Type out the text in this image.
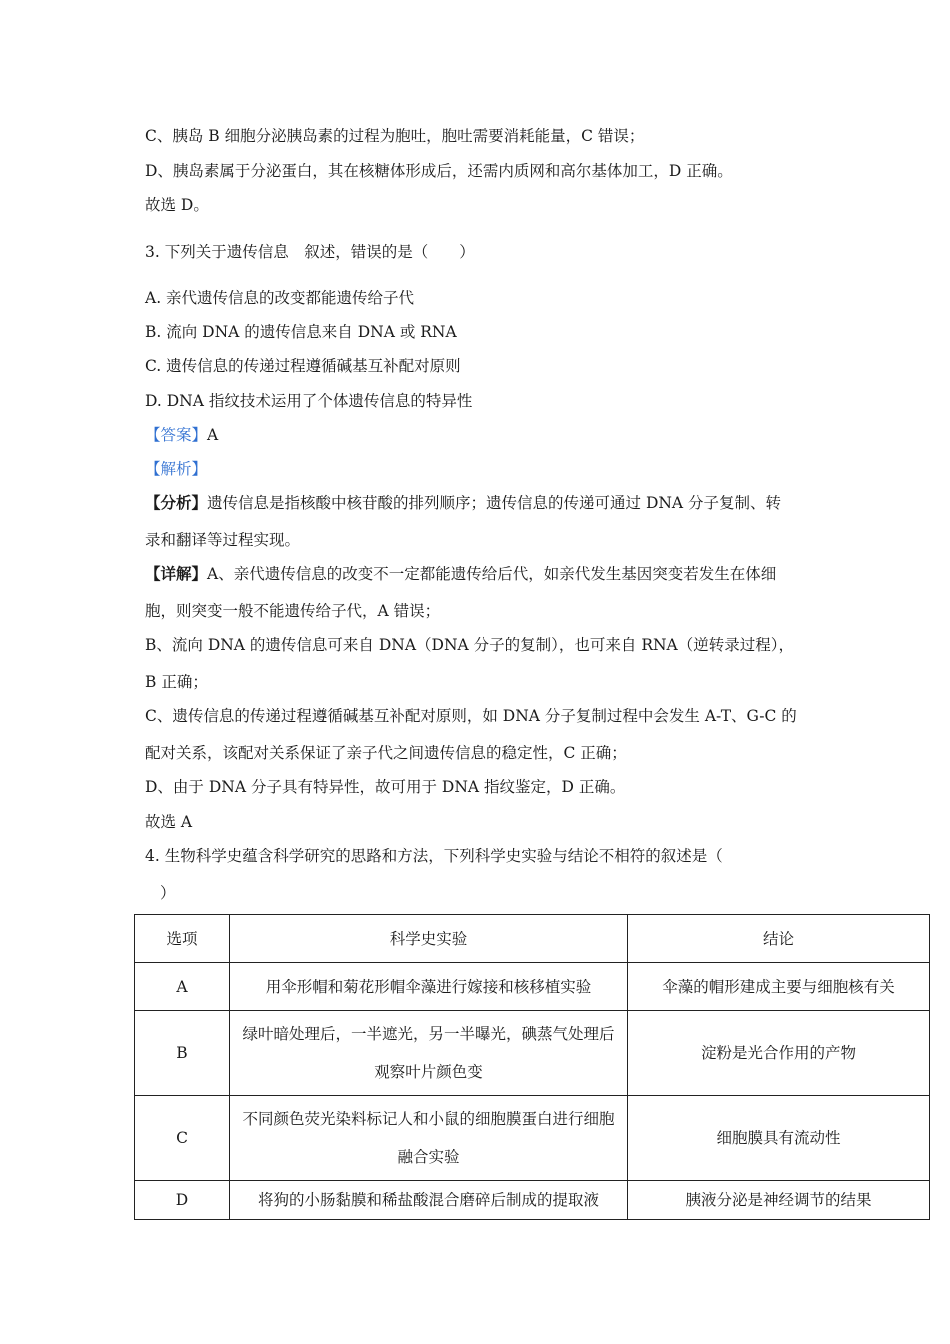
C、胰岛 B 细胞分泌胰岛素的过程为胞吐，胞吐需要消耗能量，C 错误；
D、胰岛素属于分泌蛋白，其在核糖体形成后，还需内质网和高尔基体加工，D 正确。
故选 D。
3. 下列关于遗传信息　叙述，错误的是（　　）
A. 亲代遗传信息的改变都能遗传给子代
B. 流向 DNA 的遗传信息来自 DNA 或 RNA
C. 遗传信息的传递过程遵循碱基互补配对原则
D. DNA 指纹技术运用了个体遗传信息的特异性
【答案】A
【解析】
【分析】遗传信息是指核酸中核苷酸的排列顺序；遗传信息的传递可通过 DNA 分子复制、转
录和翻译等过程实现。
【详解】A、亲代遗传信息的改变不一定都能遗传给后代，如亲代发生基因突变若发生在体细
胞，则突变一般不能遗传给子代，A 错误；
B、流向 DNA 的遗传信息可来自 DNA（DNA 分子的复制），也可来自 RNA（逆转录过程），
B 正确；
C、遗传信息的传递过程遵循碱基互补配对原则，如 DNA 分子复制过程中会发生 A-T、G-C 的
配对关系，该配对关系保证了亲子代之间遗传信息的稳定性，C 正确；
D、由于 DNA 分子具有特异性，故可用于 DNA 指纹鉴定，D 正确。
故选 A
4. 生物科学史蕴含科学研究的思路和方法，下列科学史实验与结论不相符的叙述是（
）
选项	科学史实验	结论
A	用伞形帽和菊花形帽伞藻进行嫁接和核移植实验	伞藻的帽形建成主要与细胞核有关
B	绿叶暗处理后，一半遮光，另一半曝光，碘蒸气处理后观察叶片颜色变	淀粉是光合作用的产物
C	不同颜色荧光染料标记人和小鼠的细胞膜蛋白进行细胞融合实验	细胞膜具有流动性
D	将狗的小肠黏膜和稀盐酸混合磨碎后制成的提取液	胰液分泌是神经调节的结果
